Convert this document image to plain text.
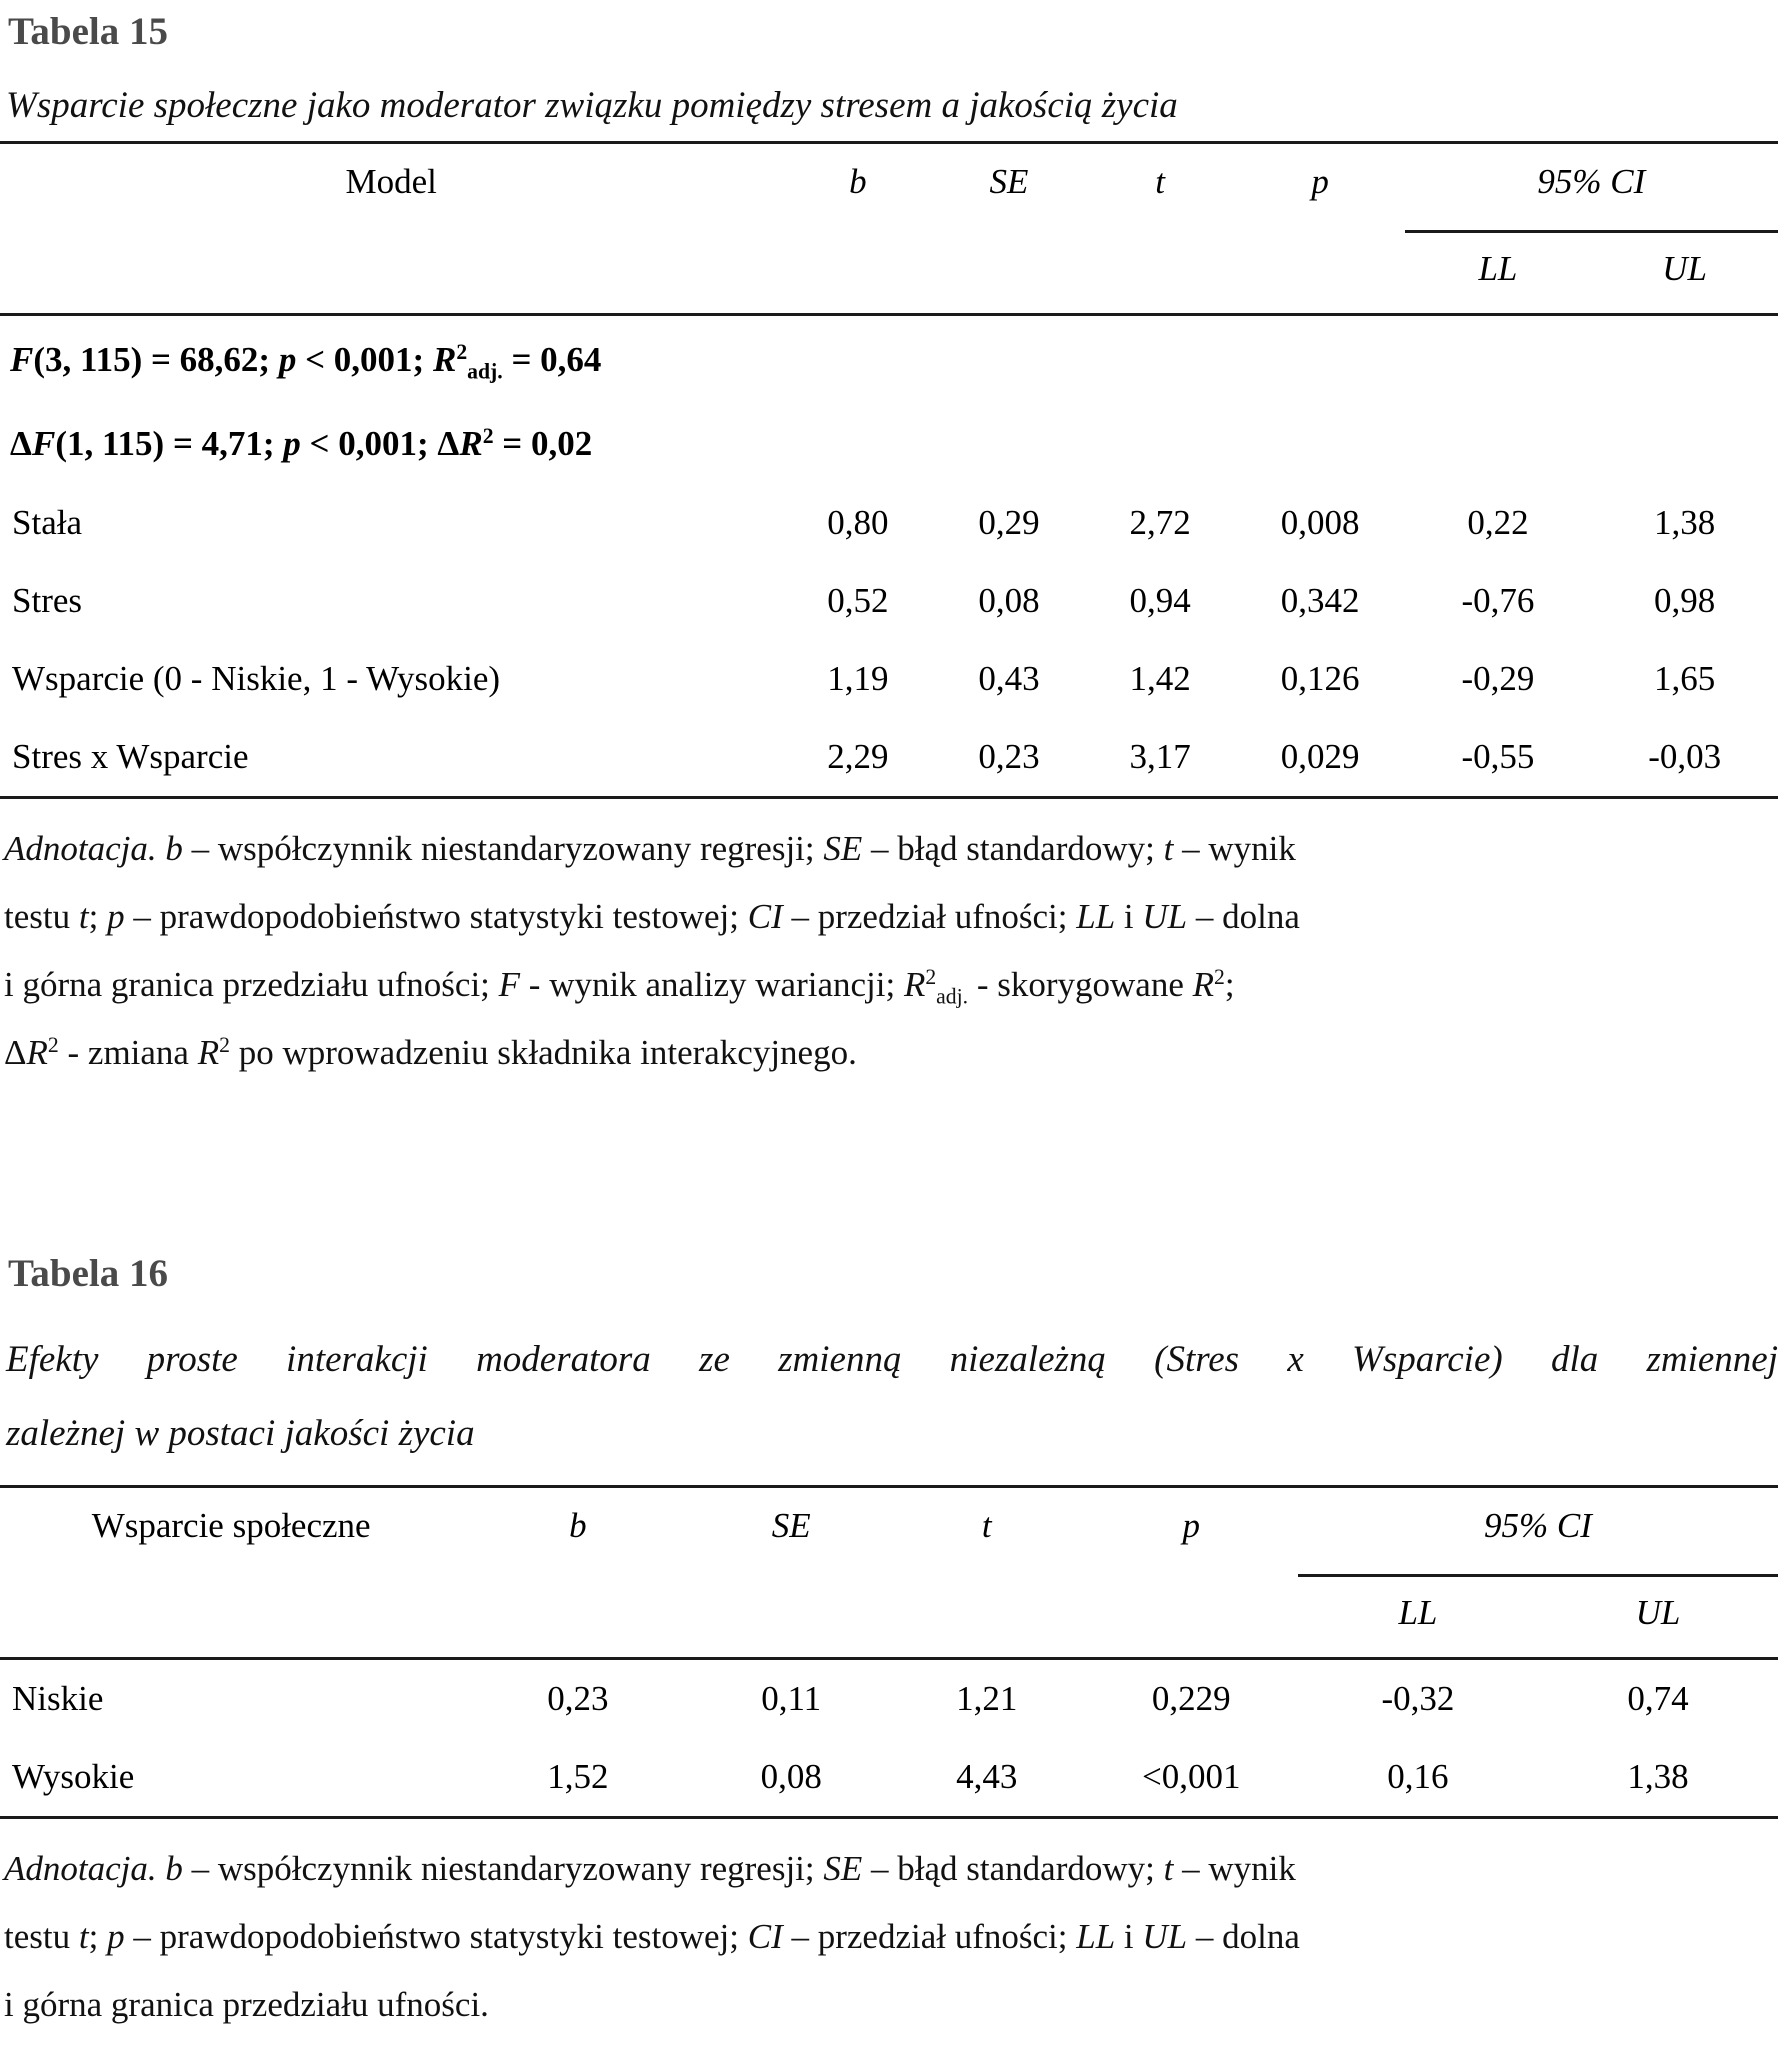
Tabela 15
Wsparcie społeczne jako moderator związku pomiędzy stresem a jakością życia
Model	b	SE	t	p	95% CI	
					LL	UL
F(3, 115) = 68,62; p < 0,001; $R^2_{adj.} = 0,64$						
ΔF(1, 115) = 4,71; p < 0,001; $\Delta R^2 = 0,02$						
Stała	0,80	0,29	2,72	0,008	0,22	1,38
Stres	0,52	0,08	0,94	0,342	-0,76	0,98
Wsparcie (0 - Niskie, 1 - Wysokie)	1,19	0,43	1,42	0,126	-0,29	1,65
Stres x Wsparcie	2,29	0,23	3,17	0,029	-0,55	-0,03
Adnotacja. b – współczynnik niestandaryzowany regresji; SE – błąd standardowy; t – wynik
testu t; p – prawdopodobieństwo statystyki testowej; CI – przedział ufności; LL i UL – dolna
i górna granica przedziału ufności; F - wynik analizy wariancji; $R^2_{adj.}$ - skorygowane $R^2$;
$\Delta R^2$ - zmiana $R^2$ po wprowadzeniu składnika interakcyjnego.
Tabela 16
Efekty proste interakcji moderatora ze zmienną niezależną (Stres x Wsparcie) dla zmiennej
zależnej w postaci jakości życia
Wsparcie społeczne	b	SE	t	p	95% CI	
					LL	UL
Niskie	0,23	0,11	1,21	0,229	-0,32	0,74
Wysokie	1,52	0,08	4,43	<0,001	0,16	1,38
Adnotacja. b – współczynnik niestandaryzowany regresji; SE – błąd standardowy; t – wynik
testu t; p – prawdopodobieństwo statystyki testowej; CI – przedział ufności; LL i UL – dolna
i górna granica przedziału ufności.
